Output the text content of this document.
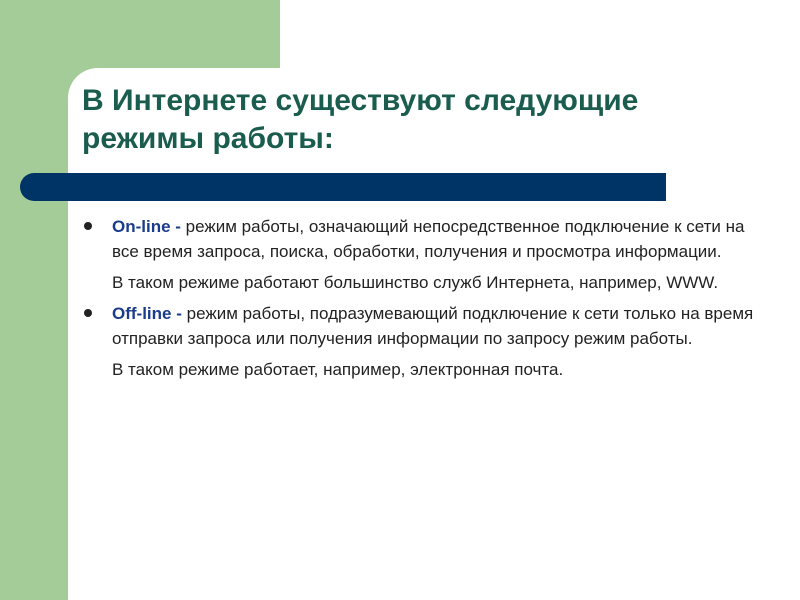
В Интернете существуют следующие
режимы работы:

On-line - режим работы, означающий непосредственное подключение к сети на все время запроса, поиска, обработки, получения и просмотра информации.

В таком режиме работают большинство служб Интернета, например, WWW.

Off-line - режим работы, подразумевающий подключение к сети только на время отправки запроса или получения информации по запросу режим работы.

В таком режиме работает, например, электронная почта.
